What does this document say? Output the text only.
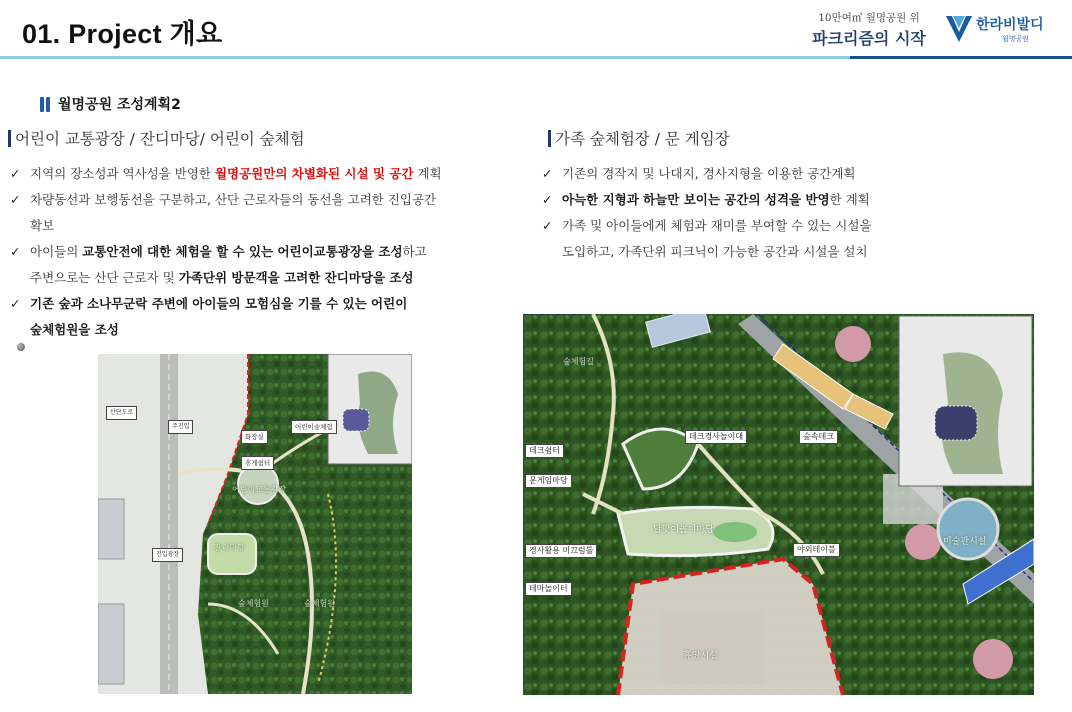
01. Project 개요
10만여㎡ 월명공원 위
파크리즘의 시작
한라비발디
월명공원
월명공원 조성계획2
어린이 교통광장 / 잔디마당/ 어린이 숲체험	가족 숲체험장 / 문 게임장
✓ 지역의 장소성과 역사성을 반영한 월명공원만의 차별화된 시설 및 공간 계획
✓ 차량동선과 보행동선을 구분하고, 산단 근로자들의 동선을 고려한 진입공간
확보
✓ 아이들의 교통안전에 대한 체험을 할 수 있는 어린이교통광장을 조성하고
주변으로는 산단 근로자 및 가족단위 방문객을 고려한 잔디마당을 조성
✓ 기존 숲과 소나무군락 주변에 아이들의 모험심을 기를 수 있는 어린이
숲체험원을 조성
✓ 기존의 경작지 및 나대지, 경사지형을 이용한 공간계획
✓ 아늑한 지형과 하늘만 보이는 공간의 성격을 반영한 계획
✓ 가족 및 아이들에게 체험과 재미를 부여할 수 있는 시설을
도입하고, 가족단위 피크닉이 가능한 공간과 시설을 설치
화장실
휴게쉼터
어린이숲체험
산단도로
진입광장
주진입
어린이교통광장
잔디마당
숲체험원	숲체험원
숲체험길
데크쉼터
데크경사놀이대	숲속데크
문게임마당
달맞이놀이마당
경사활용 미끄럼틀	야외테이블
테마놀이터
휴양시설
미술관시설
